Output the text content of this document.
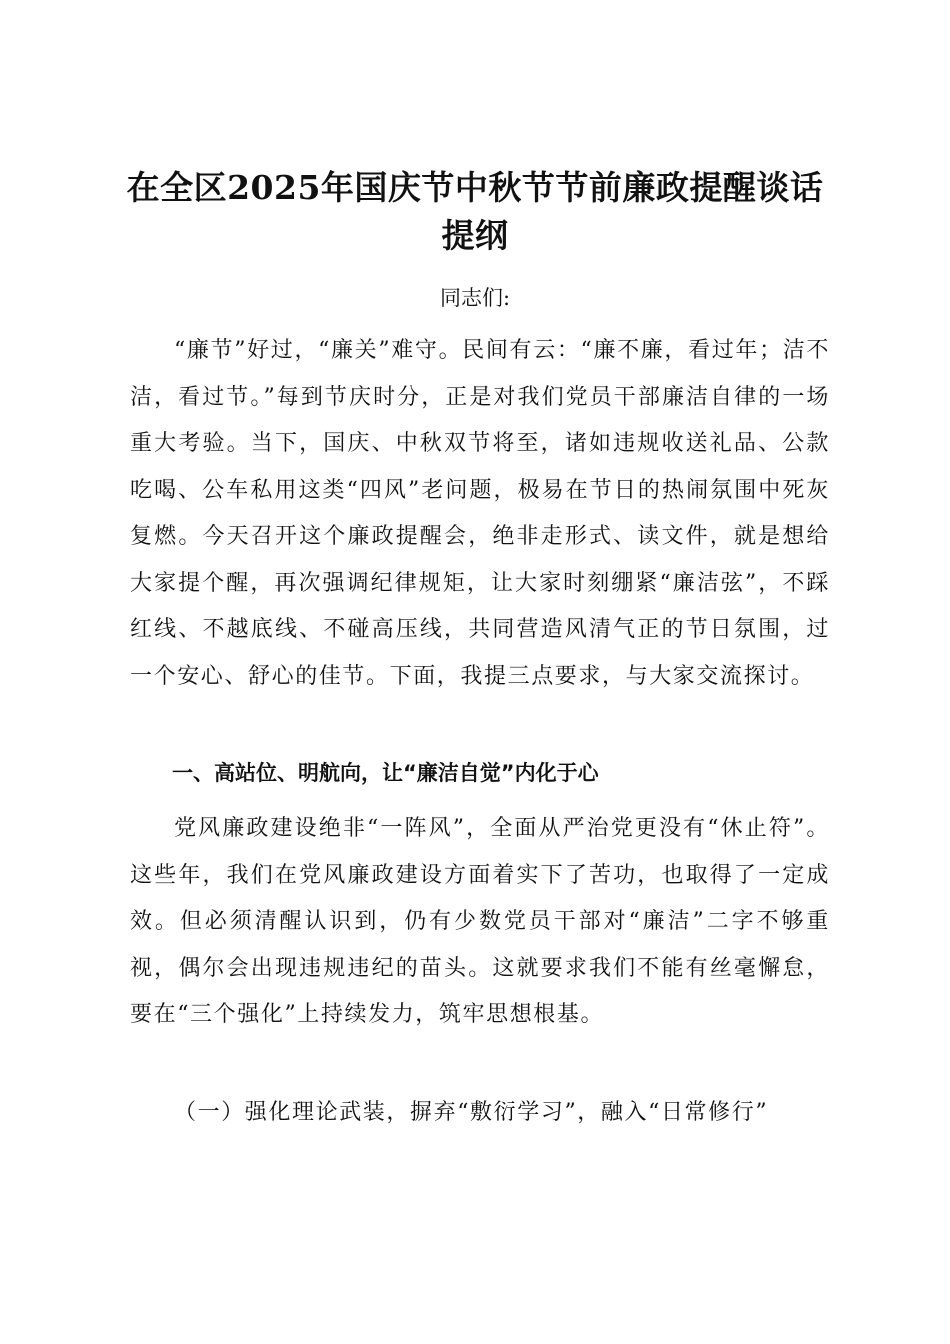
在全区2025年国庆节中秋节节前廉政提醒谈话提纲

同志们:

“廉节”好过，“廉关”难守。民间有云：“廉不廉，看过年；洁不洁，看过节。”每到节庆时分，正是对我们党员干部廉洁自律的一场重大考验。当下，国庆、中秋双节将至，诸如违规收送礼品、公款吃喝、公车私用这类“四风”老问题，极易在节日的热闹氛围中死灰复燃。今天召开这个廉政提醒会，绝非走形式、读文件，就是想给大家提个醒，再次强调纪律规矩，让大家时刻绷紧“廉洁弦”，不踩红线、不越底线、不碰高压线，共同营造风清气正的节日氛围，过一个安心、舒心的佳节。下面，我提三点要求，与大家交流探讨。

一、高站位、明航向，让“廉洁自觉”内化于心

党风廉政建设绝非“一阵风”，全面从严治党更没有“休止符”。这些年，我们在党风廉政建设方面着实下了苦功，也取得了一定成效。但必须清醒认识到，仍有少数党员干部对“廉洁”二字不够重视，偶尔会出现违规违纪的苗头。这就要求我们不能有丝毫懈怠，要在“三个强化”上持续发力，筑牢思想根基。

（一）强化理论武装，摒弃“敷衍学习”，融入“日常修行”
